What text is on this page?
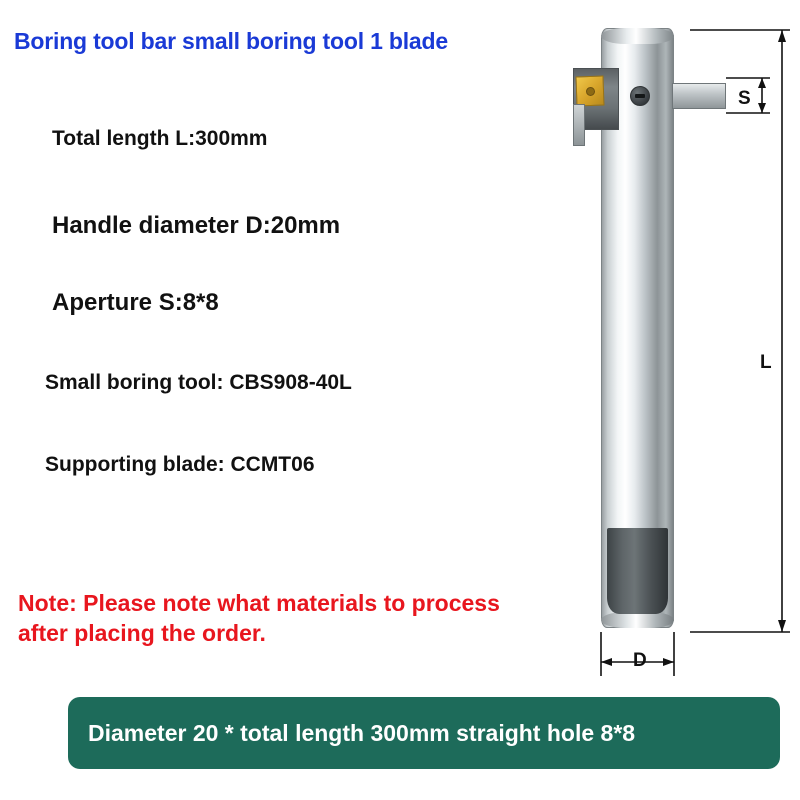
Boring tool bar small boring tool 1 blade
Total length L:300mm
Handle diameter D:20mm
Aperture S:8*8
Small boring tool: CBS908-40L
Supporting blade: CCMT06
Note: Please note what materials to process after placing the order.
Diameter 20 * total length 300mm straight hole 8*8
S
L
D
